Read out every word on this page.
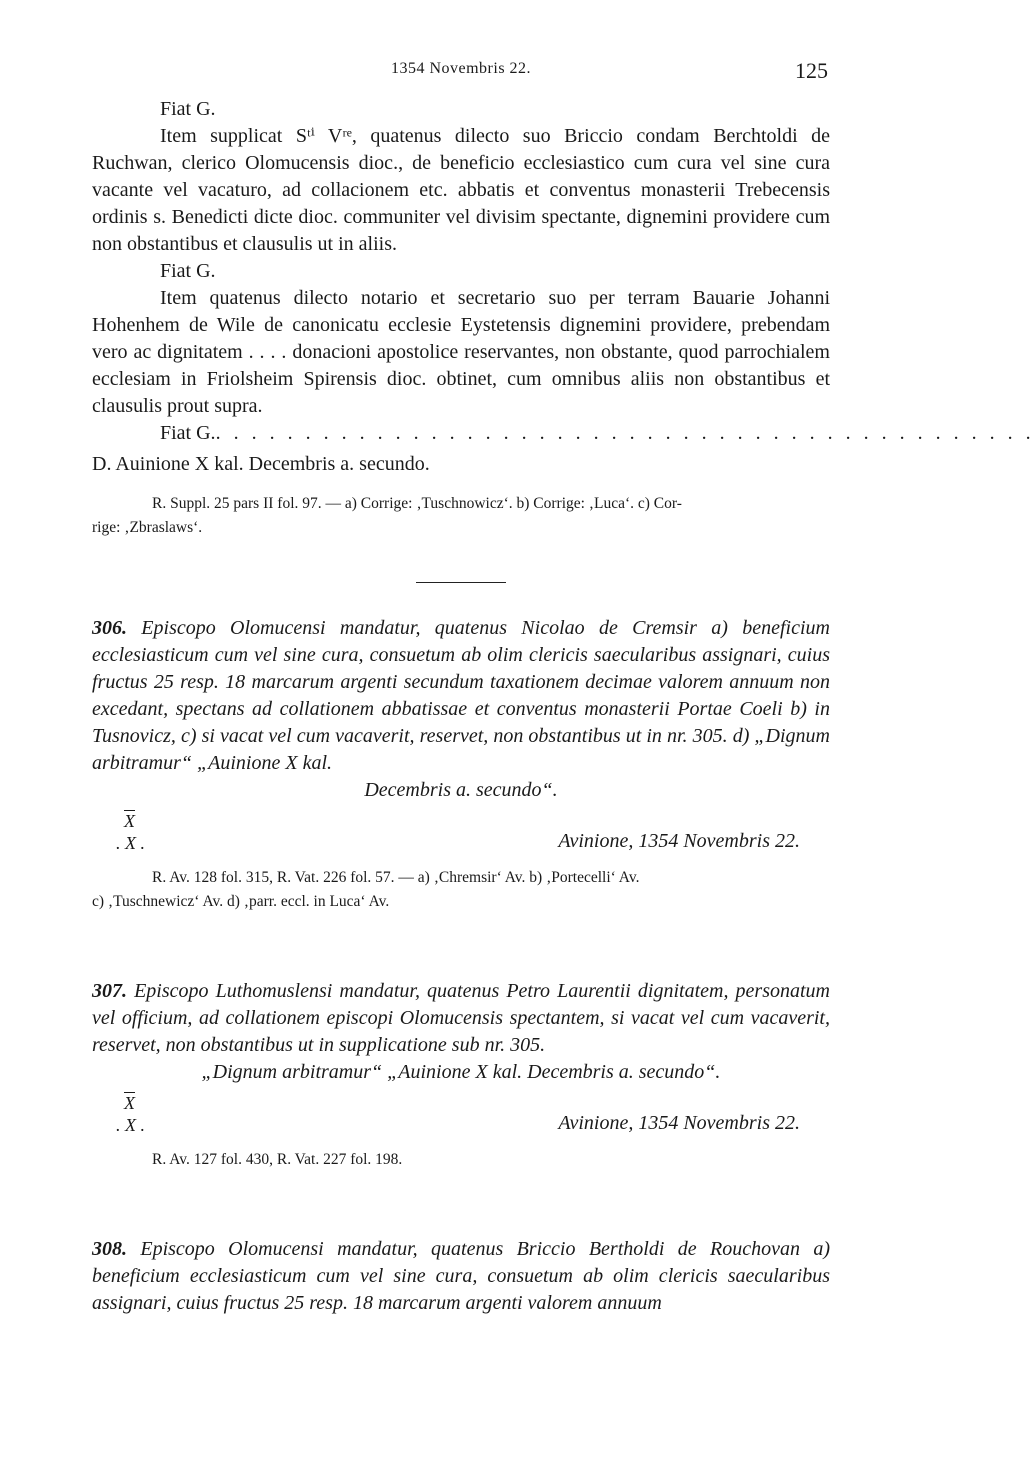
1354 Novembris 22.	125
Fiat G.

Item supplicat Sᵗⁱ Vʳᵉ, quatenus dilecto suo Briccio condam Berchtoldi de Ruchwan, clerico Olomucensis dioc., de beneficio ecclesiastico cum cura vel sine cura vacante vel vacaturo, ad collacionem etc. abbatis et conventus monasterii Trebecensis ordinis s. Benedicti dicte dioc. communiter vel divisim spectante, dignemini providere cum non obstantibus et clausulis ut in aliis.

Fiat G.

Item quatenus dilecto notario et secretario suo per terram Bauarie Johanni Hohenhem de Wile de canonicatu ecclesie Eystetensis dignemini providere, prebendam vero ac dignitatem . . . . donacioni apostolice reservantes, non obstante, quod parrochialem ecclesiam in Friolsheim Spirensis dioc. obtinet, cum omnibus aliis non obstantibus et clausulis prout supra.

Fiat G.. . . . . . . . . . . . . . . . . . . . . . . . . . . . . . . . . . . . . . . . . . . . . .
D. Auinione X kal. Decembris a. secundo.
R. Suppl. 25 pars II fol. 97. — a) Corrige: ‚Tuschnowicz‘. b) Corrige: ‚Luca‘. c) Cor-
rige: ‚Zbraslaws‘.

306. Episcopo Olomucensi mandatur, quatenus Nicolao de Cremsir a) beneficium ecclesiasticum cum vel sine cura, consuetum ab olim clericis saecularibus assignari, cuius fructus 25 resp. 18 marcarum argenti secundum taxationem decimae valorem annuum non excedant, spectans ad collationem abbatissae et conventus monasterii Portae Coeli b) in Tusnovicz, c) si vacat vel cum vacaverit, reservet, non obstantibus ut in nr. 305. d) „Dignum arbitramur“ „Auinione X kal.
Decembris a. secundo“.

$\overline{X}$
. X .	Avinione, 1354 Novembris 22.
R. Av. 128 fol. 315, R. Vat. 226 fol. 57. — a) ‚Chremsir‘ Av. b) ‚Portecelli‘ Av.
c) ‚Tuschnewicz‘ Av. d) ‚parr. eccl. in Luca‘ Av.

307. Episcopo Luthomuslensi mandatur, quatenus Petro Laurentii dignitatem, personatum vel officium, ad collationem episcopi Olomucensis spectantem, si vacat vel cum vacaverit, reservet, non obstantibus ut in supplicatione sub nr. 305.
„Dignum arbitramur“ „Auinione X kal. Decembris a. secundo“.

$\overline{X}$
. X .	Avinione, 1354 Novembris 22.
R. Av. 127 fol. 430, R. Vat. 227 fol. 198.

308. Episcopo Olomucensi mandatur, quatenus Briccio Bertholdi de Rouchovan a) beneficium ecclesiasticum cum vel sine cura, consuetum ab olim clericis saecularibus assignari, cuius fructus 25 resp. 18 marcarum argenti valorem annuum
